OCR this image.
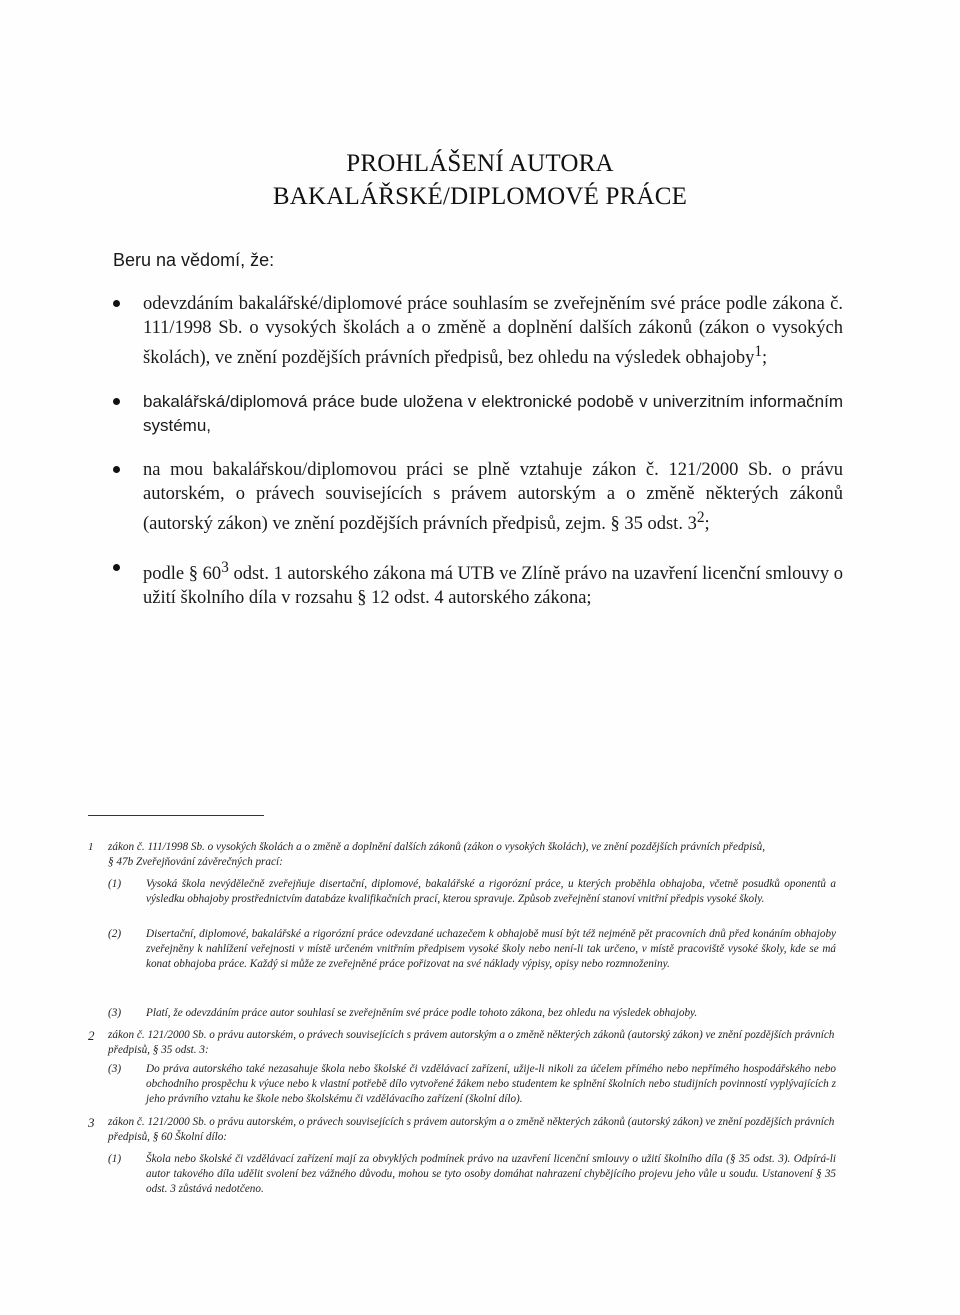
PROHLÁŠENÍ AUTORA
BAKALÁŘSKÉ/DIPLOMOVÉ PRÁCE
Beru na vědomí, že:
odevzdáním bakalářské/diplomové práce souhlasím se zveřejněním své práce podle zákona č. 111/1998 Sb. o vysokých školách a o změně a doplnění dalších zákonů (zákon o vysokých školách), ve znění pozdějších právních předpisů, bez ohledu na výsledek obhajoby$^1$;
bakalářská/diplomová práce bude uložena v elektronické podobě v univerzitním informačním systému,
na mou bakalářskou/diplomovou práci se plně vztahuje zákon č. 121/2000 Sb. o právu autorském, o právech souvisejících s právem autorským a o změně některých zákonů (autorský zákon) ve znění pozdějších právních předpisů, zejm. § 35 odst. $3^2$;
podle § $60^3$ odst. 1 autorského zákona má UTB ve Zlíně právo na uzavření licenční smlouvy o užití školního díla v rozsahu § 12 odst. 4 autorského zákona;
1	zákon č. 111/1998 Sb. o vysokých školách a o změně a doplnění dalších zákonů (zákon o vysokých školách), ve znění pozdějších právních předpisů,
§ 47b Zveřejňování závěrečných prací:
(1) Vysoká škola nevýdělečně zveřejňuje disertační, diplomové, bakalářské a rigorózní práce, u kterých proběhla obhajoba, včetně posudků oponentů a výsledku obhajoby prostřednictvím databáze kvalifikačních prací, kterou spravuje. Způsob zveřejnění stanoví vnitřní předpis vysoké školy.
(2) Disertační, diplomové, bakalářské a rigorózní práce odevzdané uchazečem k obhajobě musí být též nejméně pět pracovních dnů před konáním obhajoby zveřejněny k nahlížení veřejnosti v místě určeném vnitřním předpisem vysoké školy nebo není-li tak určeno, v místě pracoviště vysoké školy, kde se má konat obhajoba práce. Každý si může ze zveřejněné práce pořizovat na své náklady výpisy, opisy nebo rozmnoženiny.
(3) Platí, že odevzdáním práce autor souhlasí se zveřejněním své práce podle tohoto zákona, bez ohledu na výsledek obhajoby.
2	zákon č. 121/2000 Sb. o právu autorském, o právech souvisejících s právem autorským a o změně některých zákonů (autorský zákon) ve znění pozdějších právních předpisů, § 35 odst. 3:
(3) Do práva autorského také nezasahuje škola nebo školské či vzdělávací zařízení, užije-li nikoli za účelem přímého nebo nepřímého hospodářského nebo obchodního prospěchu k výuce nebo k vlastní potřebě dílo vytvořené žákem nebo studentem ke splnění školních nebo studijních povinností vyplývajících z jeho právního vztahu ke škole nebo školskému či vzdělávacího zařízení (školní dílo).
3	zákon č. 121/2000 Sb. o právu autorském, o právech souvisejících s právem autorským a o změně některých zákonů (autorský zákon) ve znění pozdějších právních předpisů, § 60 Školní dílo:
(1) Škola nebo školské či vzdělávací zařízení mají za obvyklých podmínek právo na uzavření licenční smlouvy o užití školního díla (§ 35 odst. 3). Odpírá-li autor takového díla udělit svolení bez vážného důvodu, mohou se tyto osoby domáhat nahrazení chybějícího projevu jeho vůle u soudu. Ustanovení § 35 odst. 3 zůstává nedotčeno.
